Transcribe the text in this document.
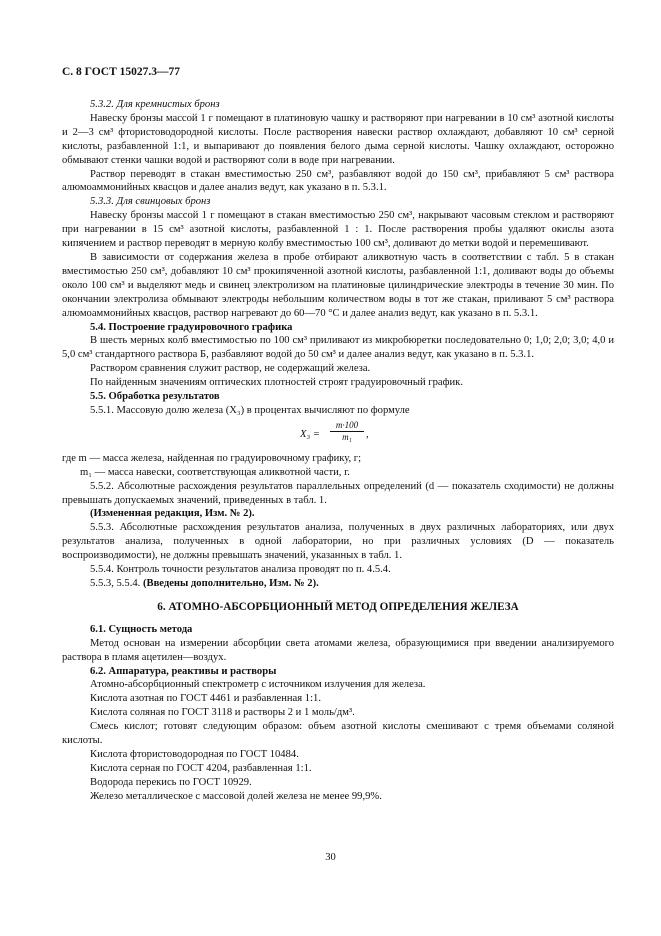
С. 8 ГОСТ 15027.3—77

5.3.2. Для кремнистых бронз

Навеску бронзы массой 1 г помещают в платиновую чашку и растворяют при нагревании в 10 см³ азотной кислоты и 2—3 см³ фтористоводородной кислоты. После растворения навески раствор охлаждают, добавляют 10 см³ серной кислоты, разбавленной 1:1, и выпаривают до появления белого дыма серной кислоты. Чашку охлаждают, осторожно обмывают стенки чашки водой и растворяют соли в воде при нагревании.

Раствор переводят в стакан вместимостью 250 см³, разбавляют водой до 150 см³, прибавляют 5 см³ раствора алюмоаммонийных квасцов и далее анализ ведут, как указано в п. 5.3.1.

5.3.3. Для свинцовых бронз

Навеску бронзы массой 1 г помещают в стакан вместимостью 250 см³, накрывают часовым стеклом и растворяют при нагревании в 15 см³ азотной кислоты, разбавленной 1 : 1. После растворения пробы удаляют окислы азота кипячением и раствор переводят в мерную колбу вместимостью 100 см³, доливают до метки водой и перемешивают.

В зависимости от содержания железа в пробе отбирают аликвотную часть в соответствии с табл. 5 в стакан вместимостью 250 см³, добавляют 10 см³ прокипяченной азотной кислоты, разбавленной 1:1, доливают воды до объемы около 100 см³ и выделяют медь и свинец электролизом на платиновые цилиндрические электроды в течение 30 мин. По окончании электролиза обмывают электроды небольшим количеством воды в тот же стакан, приливают 5 см³ раствора алюмоаммонийных квасцов, раствор нагревают до 60—70 °С и далее анализ ведут, как указано в п. 5.3.1.

5.4. Построение градуировочного графика

В шесть мерных колб вместимостью по 100 см³ приливают из микробюретки последовательно 0; 1,0; 2,0; 3,0; 4,0 и 5,0 см³ стандартного раствора Б, разбавляют водой до 50 см³ и далее анализ ведут, как указано в п. 5.3.1.

Раствором сравнения служит раствор, не содержащий железа.

По найденным значениям оптических плотностей строят градуировочный график.

5.5. Обработка результатов

5.5.1. Массовую долю железа (X₃) в процентах вычисляют по формуле

$X_3 = \frac{m\cdot 100}{\text{m₁}}$ ,

где m — масса железа, найденная по градуировочному графику, г;

m₁ — масса навески, соответствующая аликвотной части, г.

5.5.2. Абсолютные расхождения результатов параллельных определений (d — показатель сходимости) не должны превышать допускаемых значений, приведенных в табл. 1.

(Измененная редакция, Изм. № 2).

5.5.3. Абсолютные расхождения результатов анализа, полученных в двух различных лабораториях, или двух результатов анализа, полученных в одной лаборатории, но при различных условиях (D — показатель воспроизводимости), не должны превышать значений, указанных в табл. 1.

5.5.4. Контроль точности результатов анализа проводят по п. 4.5.4.

5.5.3, 5.5.4. (Введены дополнительно, Изм. № 2).

6. АТОМНО-АБСОРБЦИОННЫЙ МЕТОД ОПРЕДЕЛЕНИЯ ЖЕЛЕЗА

6.1. Сущность метода

Метод основан на измерении абсорбции света атомами железа, образующимися при введении анализируемого раствора в пламя ацетилен—воздух.

6.2. Аппаратура, реактивы и растворы

Атомно-абсорбционный спектрометр с источником излучения для железа.

Кислота азотная по ГОСТ 4461 и разбавленная 1:1.

Кислота соляная по ГОСТ 3118 и растворы 2 и 1 моль/дм³.

Смесь кислот; готовят следующим образом: объем азотной кислоты смешивают с тремя объемами соляной кислоты.

Кислота фтористоводородная по ГОСТ 10484.

Кислота серная по ГОСТ 4204, разбавленная 1:1.

Водорода перекись по ГОСТ 10929.

Железо металлическое с массовой долей железа не менее 99,9%.

30
